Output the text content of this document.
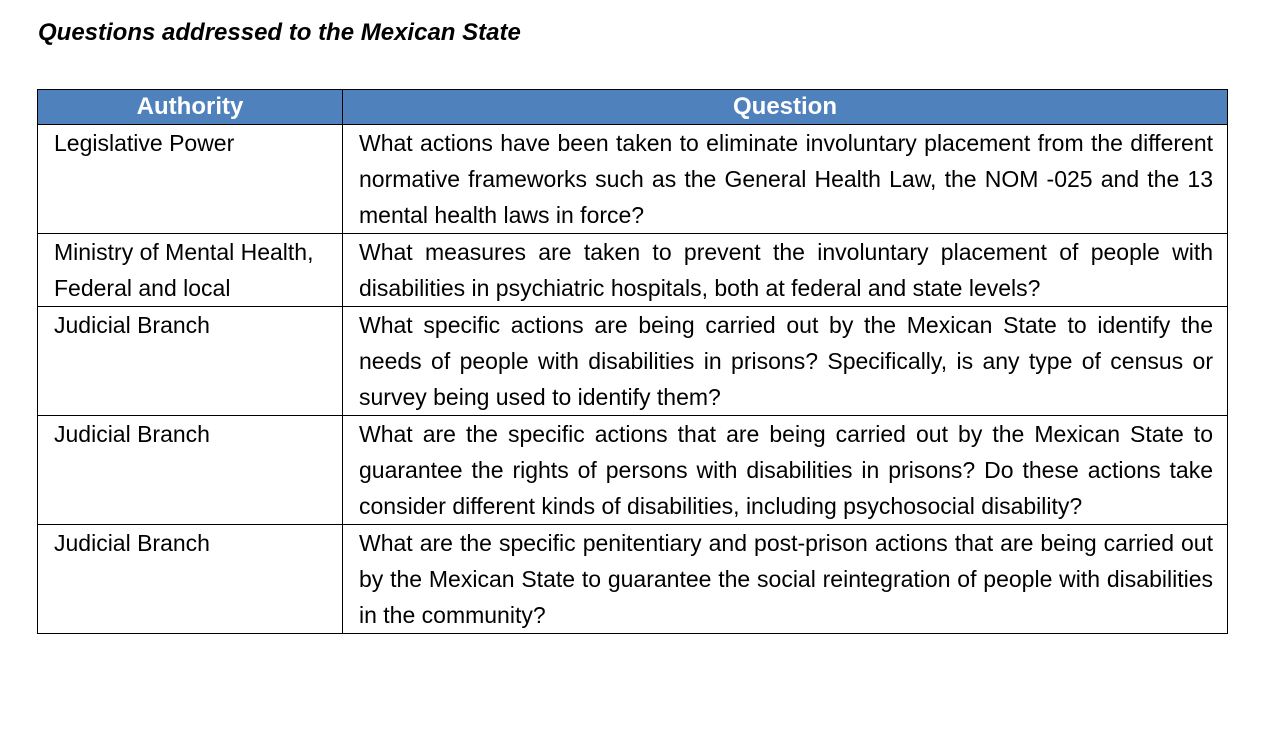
Questions addressed to the Mexican State
Authority	Question
Legislative Power	What actions have been taken to eliminate involuntary placement from the different normative frameworks such as the General Health Law, the NOM -025 and the 13 mental health laws in force?
Ministry of Mental Health, Federal and local	What measures are taken to prevent the involuntary placement of people with disabilities in psychiatric hospitals, both at federal and state levels?
Judicial Branch	What specific actions are being carried out by the Mexican State to identify the needs of people with disabilities in prisons? Specifically, is any type of census or survey being used to identify them?
Judicial Branch	What are the specific actions that are being carried out by the Mexican State to guarantee the rights of persons with disabilities in prisons? Do these actions take consider different kinds of disabilities, including psychosocial disability?
Judicial Branch	What are the specific penitentiary and post-prison actions that are being carried out by the Mexican State to guarantee the social reintegration of people with disabilities in the community?
